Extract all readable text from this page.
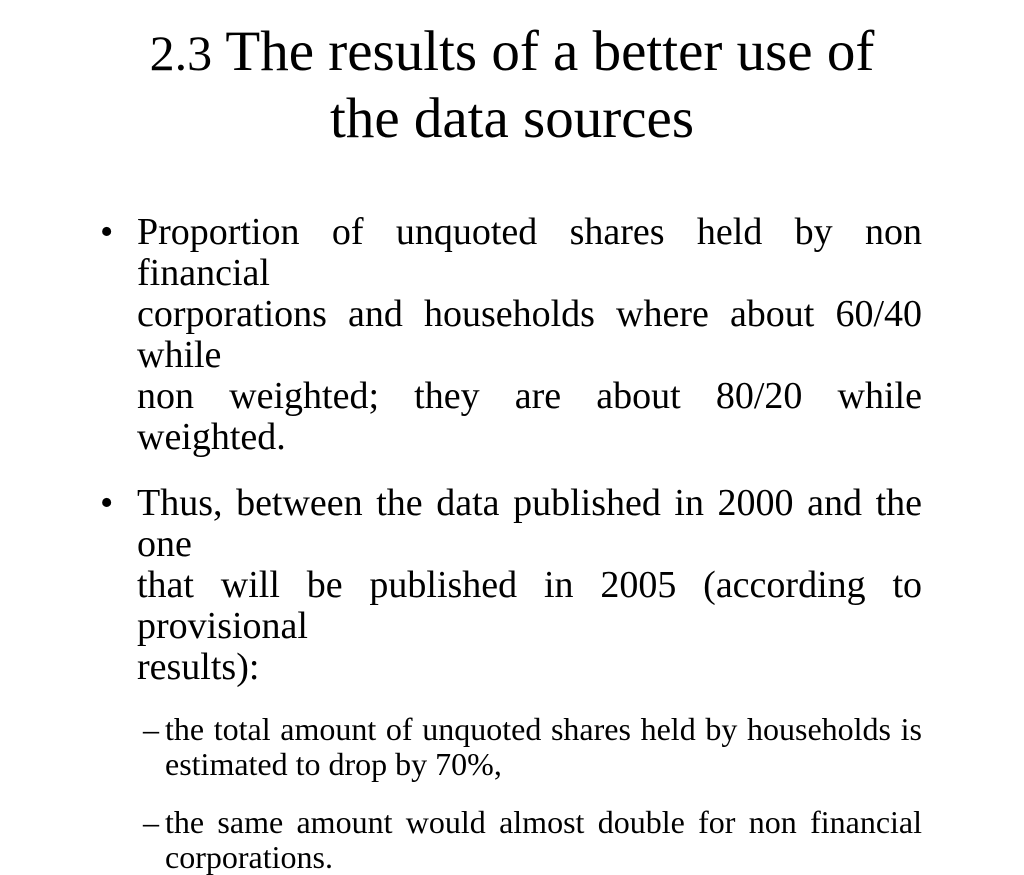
2.3 The results of a better use of
the data sources
• Proportion of unquoted shares held by non financial
corporations and households where about 60/40 while
non weighted; they are about 80/20 while weighted.
• Thus, between the data published in 2000 and the one
that will be published in 2005 (according to provisional
results):
– the total amount of unquoted shares held by households is
estimated to drop by 70%,
– the same amount would almost double for non financial
corporations.
